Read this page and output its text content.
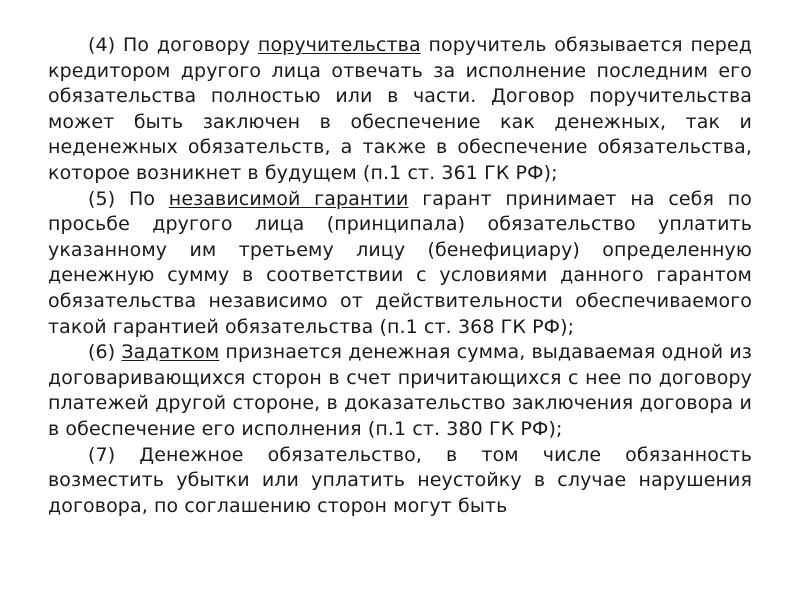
(4) По договору поручительства поручитель обязывается перед кредитором другого лица отвечать за исполнение последним его обязательства полностью или в части. Договор поручительства может быть заключен в обеспечение как денежных, так и неденежных обязательств, а также в обеспечение обязательства, которое возникнет в будущем (п.1 ст. 361 ГК РФ);

(5) По независимой гарантии гарант принимает на себя по просьбе другого лица (принципала) обязательство уплатить указанному им третьему лицу (бенефициару) определенную денежную сумму в соответствии с условиями данного гарантом обязательства независимо от действительности обеспечиваемого такой гарантией обязательства (п.1 ст. 368 ГК РФ);

(6) Задатком признается денежная сумма, выдаваемая одной из договаривающихся сторон в счет причитающихся с нее по договору платежей другой стороне, в доказательство заключения договора и в обеспечение его исполнения (п.1 ст. 380 ГК РФ);

(7) Денежное обязательство, в том числе обязанность возместить убытки или уплатить неустойку в случае нарушения договора, по соглашению сторон могут быть
